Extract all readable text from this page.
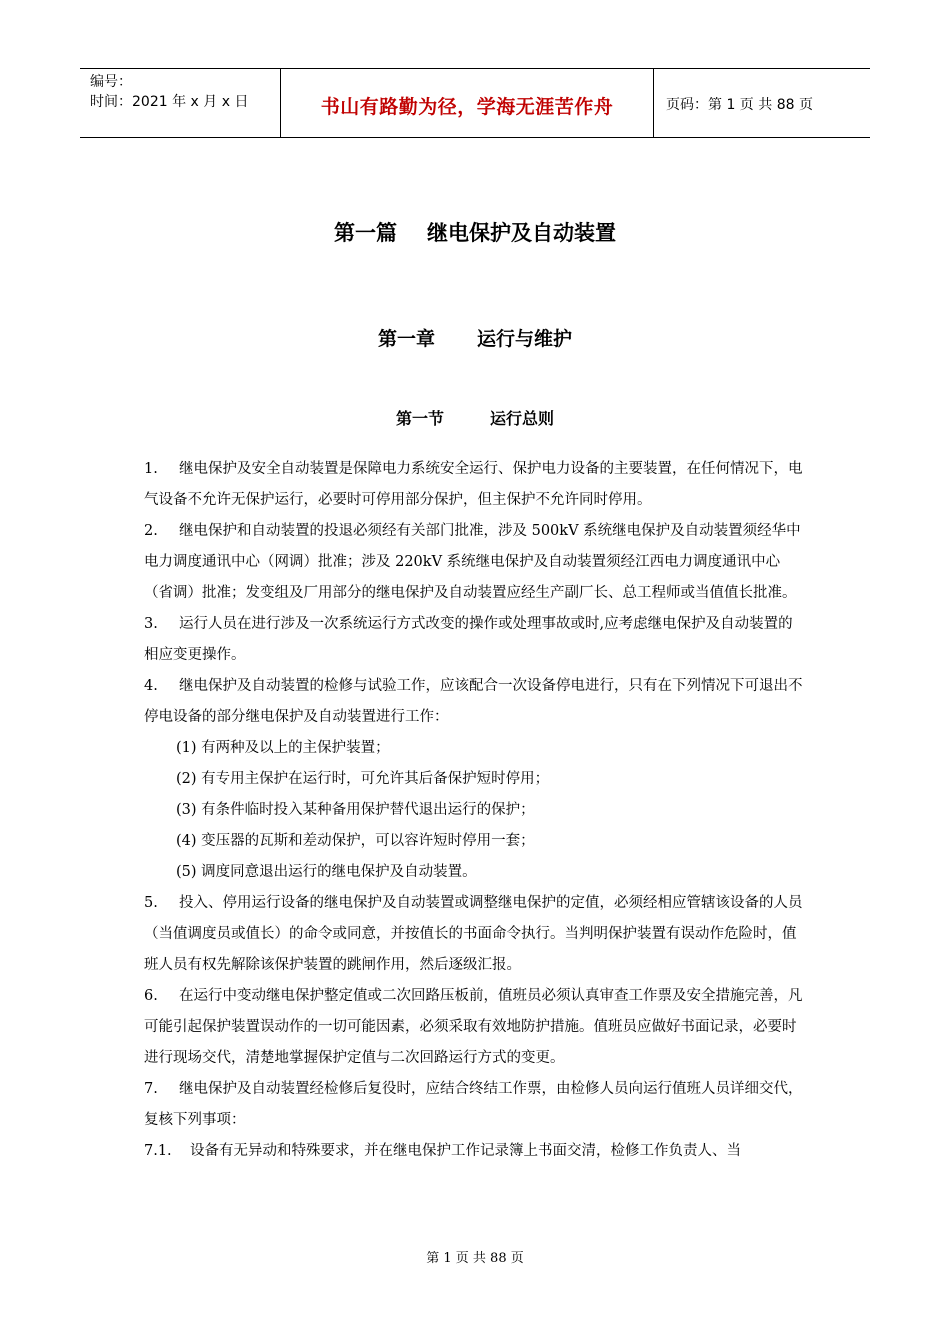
编号：
时间：2021 年 x 月 x 日	书山有路勤为径，学海无涯苦作舟	页码：第 1 页 共 88 页
第一篇 继电保护及自动装置
第一章 运行与维护
第一节	运行总则

1. 继电保护及安全自动装置是保障电力系统安全运行、保护电力设备的主要装置，在任何情况下，电气设备不允许无保护运行，必要时可停用部分保护，但主保护不允许同时停用。

2. 继电保护和自动装置的投退必须经有关部门批准，涉及 500kV 系统继电保护及自动装置须经华中电力调度通讯中心（网调）批准；涉及 220kV 系统继电保护及自动装置须经江西电力调度通讯中心（省调）批准；发变组及厂用部分的继电保护及自动装置应经生产副厂长、总工程师或当值值长批准。

3. 运行人员在进行涉及一次系统运行方式改变的操作或处理事故或时,应考虑继电保护及自动装置的相应变更操作。

4. 继电保护及自动装置的检修与试验工作，应该配合一次设备停电进行，只有在下列情况下可退出不停电设备的部分继电保护及自动装置进行工作：

(1) 有两种及以上的主保护装置；

(2) 有专用主保护在运行时，可允许其后备保护短时停用；

(3) 有条件临时投入某种备用保护替代退出运行的保护；

(4) 变压器的瓦斯和差动保护，可以容许短时停用一套；

(5) 调度同意退出运行的继电保护及自动装置。

5. 投入、停用运行设备的继电保护及自动装置或调整继电保护的定值，必须经相应管辖该设备的人员（当值调度员或值长）的命令或同意，并按值长的书面命令执行。当判明保护装置有误动作危险时，值班人员有权先解除该保护装置的跳闸作用，然后逐级汇报。

6. 在运行中变动继电保护整定值或二次回路压板前，值班员必须认真审查工作票及安全措施完善，凡可能引起保护装置误动作的一切可能因素，必须采取有效地防护措施。值班员应做好书面记录，必要时进行现场交代，清楚地掌握保护定值与二次回路运行方式的变更。

7. 继电保护及自动装置经检修后复役时，应结合终结工作票，由检修人员向运行值班人员详细交代，复核下列事项：

7.1. 设备有无异动和特殊要求，并在继电保护工作记录簿上书面交清，检修工作负责人、当

第 1 页 共 88 页
